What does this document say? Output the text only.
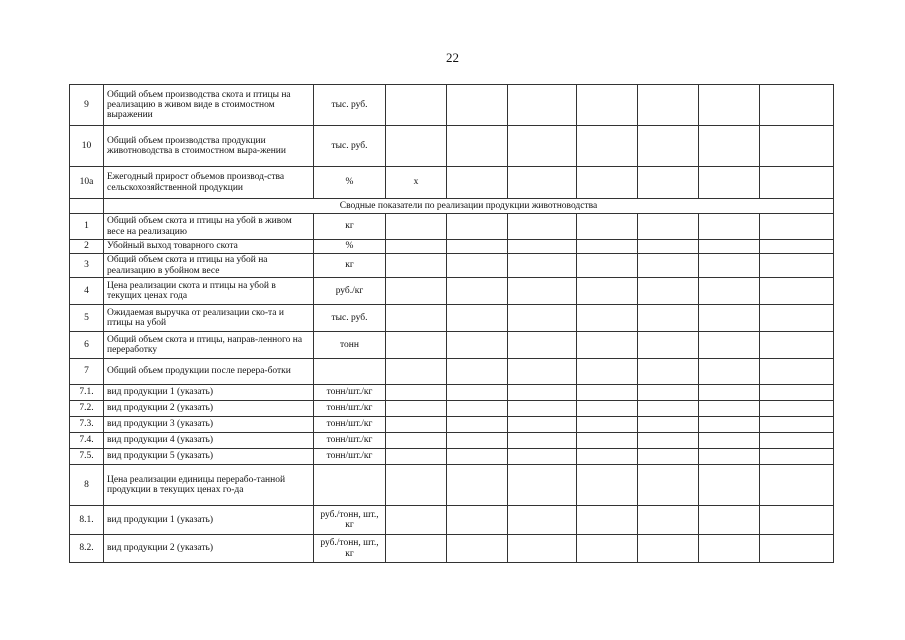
22
9	Общий объем производства скота и птицы на реализацию в живом виде в стоимостном выражении	тыс. руб.							
10	Общий объем производства продукции животноводства в стоимостном выра-жении	тыс. руб.							
10а	Ежегодный прирост объемов производ-ства сельскохозяйственной продукции	%	х						
	Сводные показатели по реализации продукции животноводства								
1	Общий объем скота и птицы на убой в живом весе на реализацию	кг							
2	Убойный выход товарного скота	%							
3	Общий объем скота и птицы на убой на реализацию в убойном весе	кг							
4	Цена реализации скота и птицы на убой в текущих ценах года	руб./кг							
5	Ожидаемая выручка от реализации ско-та и птицы на убой	тыс. руб.							
6	Общий объем скота и птицы, направ-ленного на переработку	тонн							
7	Общий объем продукции после перера-ботки								
7.1.	вид продукции 1 (указать)	тонн/шт./кг							
7.2.	вид продукции 2 (указать)	тонн/шт./кг							
7.3.	вид продукции 3 (указать)	тонн/шт./кг							
7.4.	вид продукции 4 (указать)	тонн/шт./кг							
7.5.	вид продукции 5 (указать)	тонн/шт./кг							
8	Цена реализации единицы перерабо-танной продукции в текущих ценах го-да								
8.1.	вид продукции 1 (указать)	руб./тонн, шт., кг							
8.2.	вид продукции 2 (указать)	руб./тонн, шт., кг							
